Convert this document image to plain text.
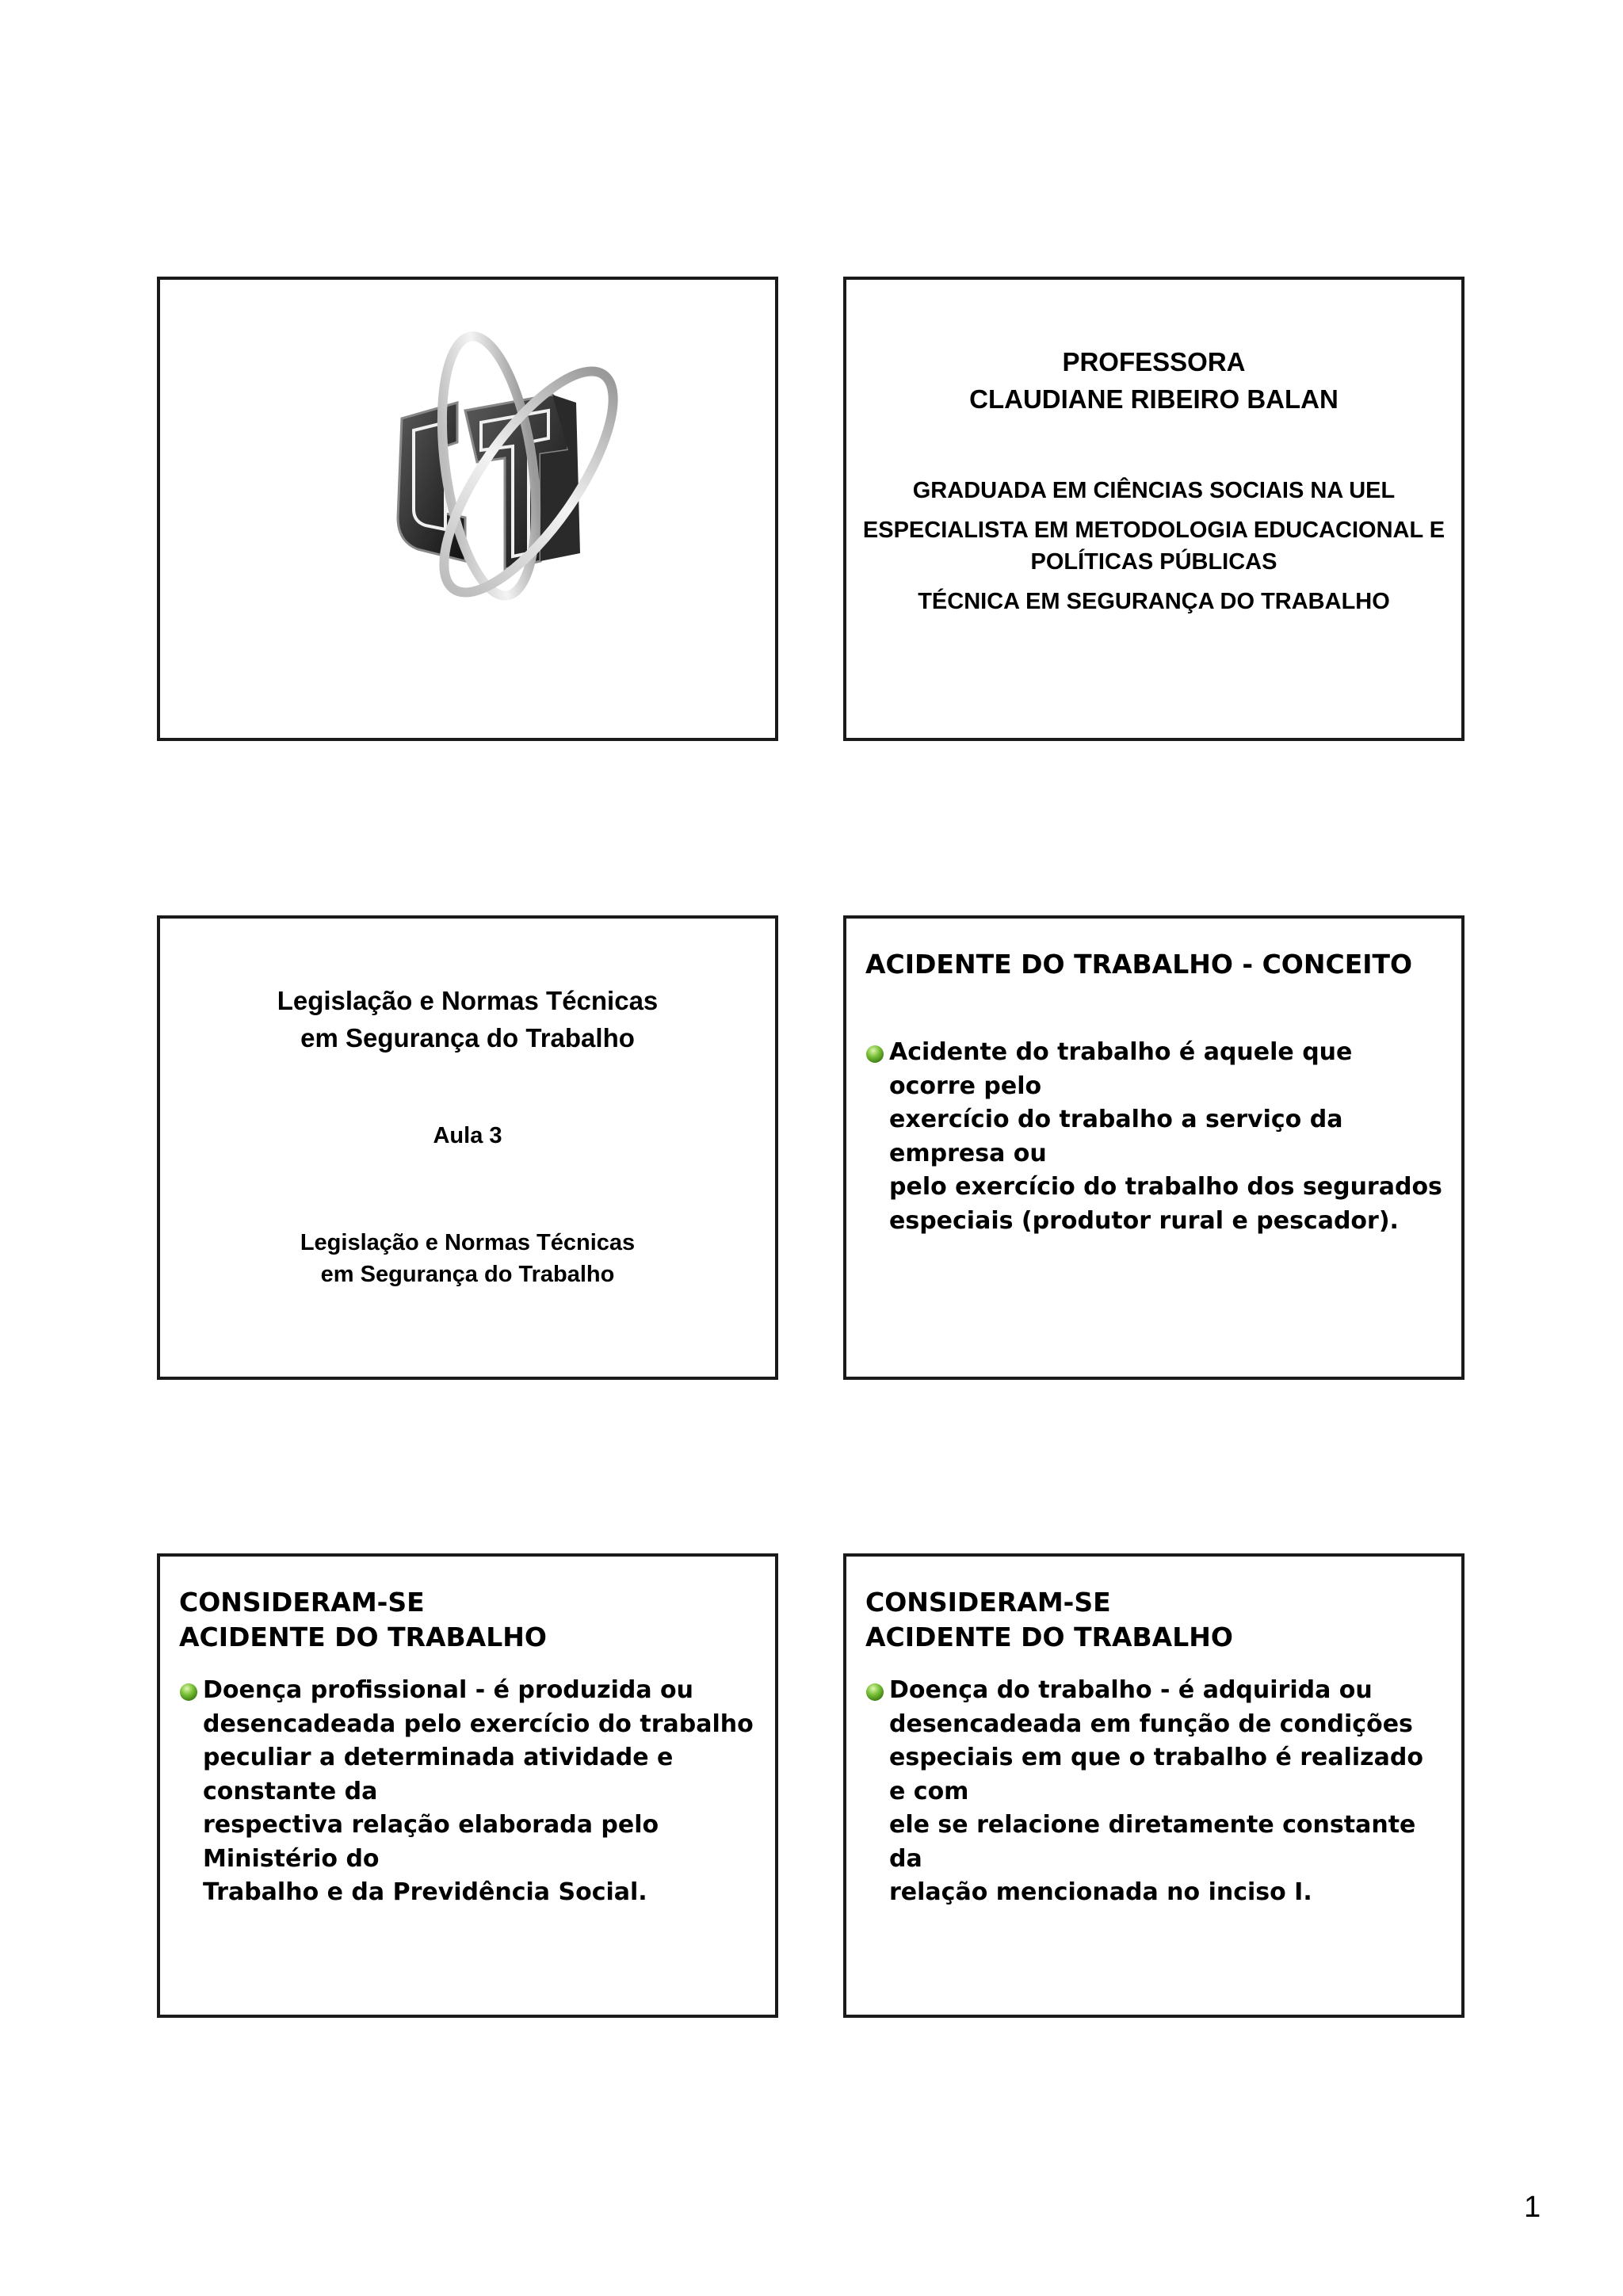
PROFESSORA
CLAUDIANE RIBEIRO BALAN
GRADUADA EM CIÊNCIAS SOCIAIS NA UEL
ESPECIALISTA EM METODOLOGIA EDUCACIONAL E
POLÍTICAS PÚBLICAS
TÉCNICA EM SEGURANÇA DO TRABALHO
Legislação e Normas Técnicas
em Segurança do Trabalho
Aula 3
Legislação e Normas Técnicas
em Segurança do Trabalho
ACIDENTE DO TRABALHO - CONCEITO
Acidente do trabalho é aquele que ocorre pelo
exercício do trabalho a serviço da empresa ou
pelo exercício do trabalho dos segurados
especiais (produtor rural e pescador).
CONSIDERAM-SE
ACIDENTE DO TRABALHO
Doença profissional - é produzida ou
desencadeada pelo exercício do trabalho
peculiar a determinada atividade e constante da
respectiva relação elaborada pelo Ministério do
Trabalho e da Previdência Social.
CONSIDERAM-SE
ACIDENTE DO TRABALHO
Doença do trabalho - é adquirida ou
desencadeada em função de condições
especiais em que o trabalho é realizado e com
ele se relacione diretamente constante da
relação mencionada no inciso I.
1
